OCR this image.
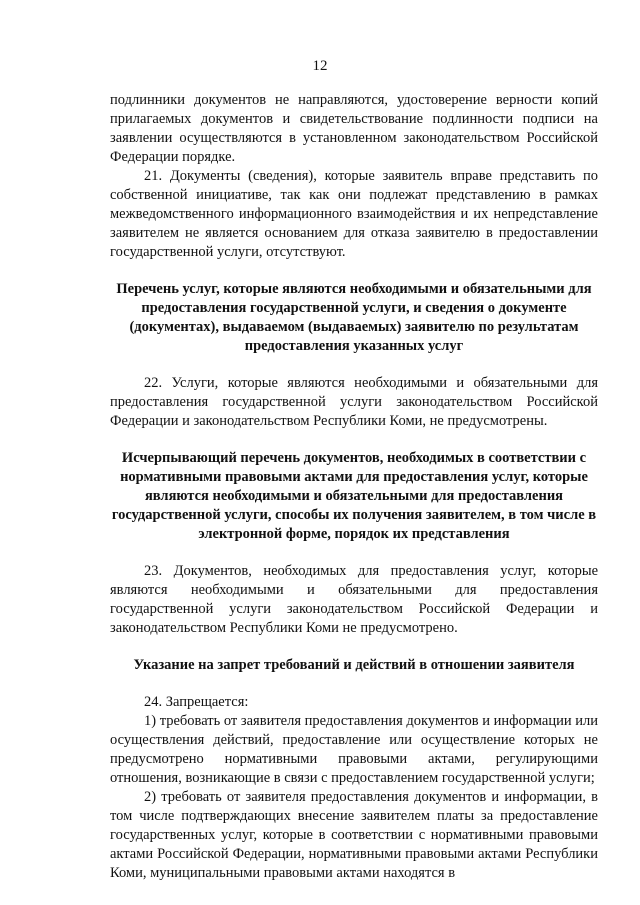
12

подлинники документов не направляются, удостоверение верности копий прилагаемых документов и свидетельствование подлинности подписи на заявлении осуществляются в установленном законодательством Российской Федерации порядке.

21. Документы (сведения), которые заявитель вправе представить по собственной инициативе, так как они подлежат представлению в рамках межведомственного информационного взаимодействия и их непредставление заявителем не является основанием для отказа заявителю в предоставлении государственной услуги, отсутствуют.

Перечень услуг, которые являются необходимыми и обязательными для предоставления государственной услуги, и сведения о документе (документах), выдаваемом (выдаваемых) заявителю по результатам предоставления указанных услуг

22. Услуги, которые являются необходимыми и обязательными для предоставления государственной услуги законодательством Российской Федерации и законодательством Республики Коми, не предусмотрены.

Исчерпывающий перечень документов, необходимых в соответствии с нормативными правовыми актами для предоставления услуг, которые являются необходимыми и обязательными для предоставления государственной услуги, способы их получения заявителем, в том числе в электронной форме, порядок их представления

23. Документов, необходимых для предоставления услуг, которые являются необходимыми и обязательными для предоставления государственной услуги законодательством Российской Федерации и законодательством Республики Коми не предусмотрено.

Указание на запрет требований и действий в отношении заявителя

24. Запрещается:

1) требовать от заявителя предоставления документов и информации или осуществления действий, предоставление или осуществление которых не предусмотрено нормативными правовыми актами, регулирующими отношения, возникающие в связи с предоставлением государственной услуги;

2) требовать от заявителя предоставления документов и информации, в том числе подтверждающих внесение заявителем платы за предоставление государственных услуг, которые в соответствии с нормативными правовыми актами Российской Федерации, нормативными правовыми актами Республики Коми, муниципальными правовыми актами находятся в
